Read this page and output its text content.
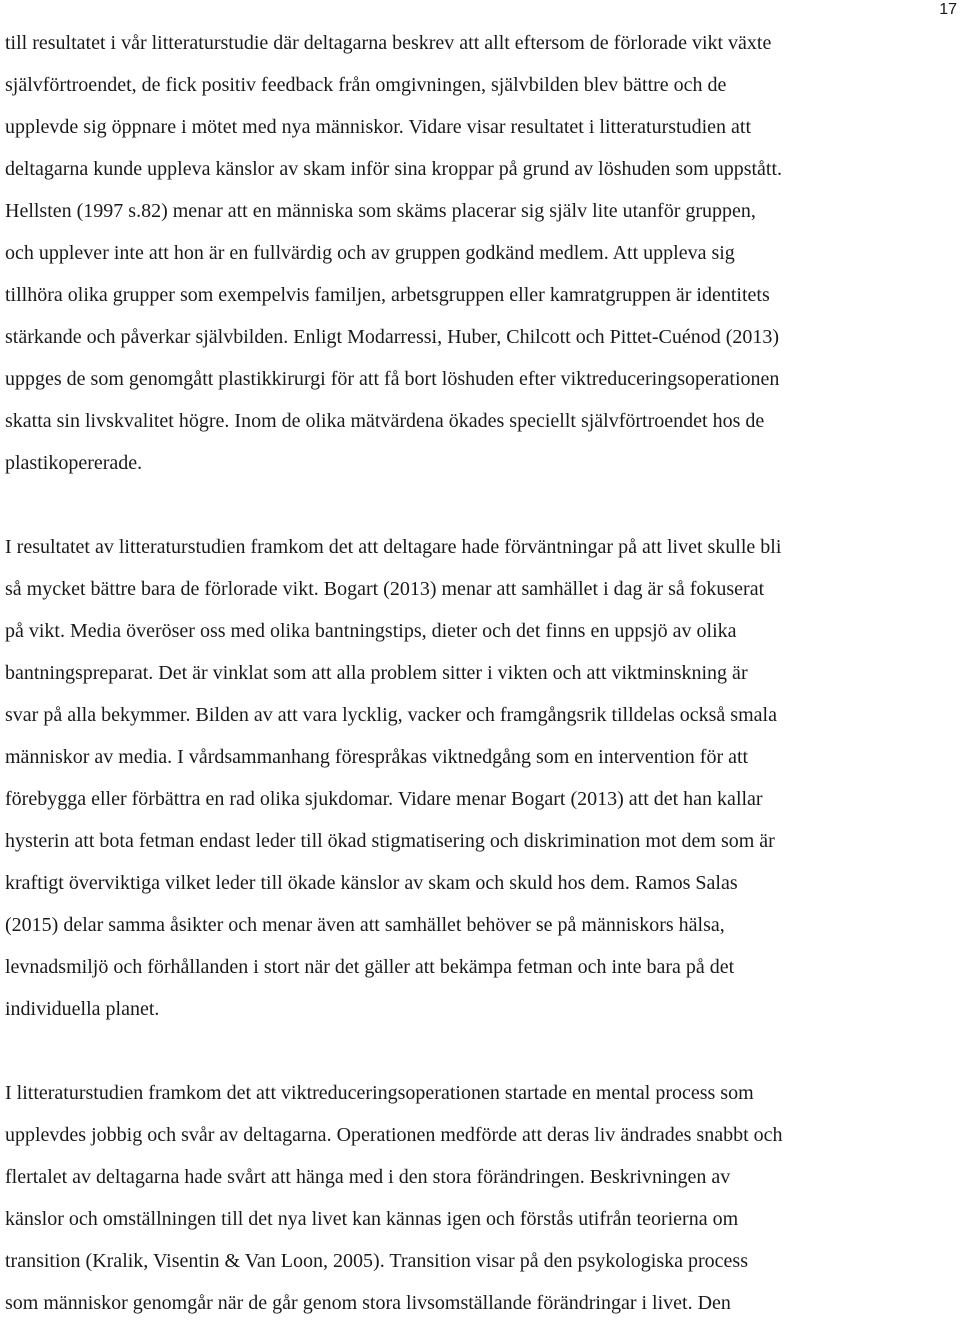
17
till resultatet i vår litteraturstudie där deltagarna beskrev att allt eftersom de förlorade vikt växte
självförtroendet, de fick positiv feedback från omgivningen, självbilden blev bättre och de
upplevde sig öppnare i mötet med nya människor. Vidare visar resultatet i litteraturstudien att
deltagarna kunde uppleva känslor av skam inför sina kroppar på grund av löshuden som uppstått.
Hellsten (1997 s.82) menar att en människa som skäms placerar sig själv lite utanför gruppen,
och upplever inte att hon är en fullvärdig och av gruppen godkänd medlem. Att uppleva sig
tillhöra olika grupper som exempelvis familjen, arbetsgruppen eller kamratgruppen är identitets
stärkande och påverkar självbilden. Enligt Modarressi, Huber, Chilcott och Pittet-Cuénod (2013)
uppges de som genomgått plastikkirurgi för att få bort löshuden efter viktreduceringsoperationen
skatta sin livskvalitet högre. Inom de olika mätvärdena ökades speciellt självförtroendet hos de
plastikopererade.
I resultatet av litteraturstudien framkom det att deltagare hade förväntningar på att livet skulle bli
så mycket bättre bara de förlorade vikt. Bogart (2013) menar att samhället i dag är så fokuserat
på vikt. Media överöser oss med olika bantningstips, dieter och det finns en uppsjö av olika
bantningspreparat. Det är vinklat som att alla problem sitter i vikten och att viktminskning är
svar på alla bekymmer. Bilden av att vara lycklig, vacker och framgångsrik tilldelas också smala
människor av media. I vårdsammanhang förespråkas viktnedgång som en intervention för att
förebygga eller förbättra en rad olika sjukdomar. Vidare menar Bogart (2013) att det han kallar
hysterin att bota fetman endast leder till ökad stigmatisering och diskrimination mot dem som är
kraftigt överviktiga vilket leder till ökade känslor av skam och skuld hos dem. Ramos Salas
(2015) delar samma åsikter och menar även att samhället behöver se på människors hälsa,
levnadsmiljö och förhållanden i stort när det gäller att bekämpa fetman och inte bara på det
individuella planet.
I litteraturstudien framkom det att viktreduceringsoperationen startade en mental process som
upplevdes jobbig och svår av deltagarna. Operationen medförde att deras liv ändrades snabbt och
flertalet av deltagarna hade svårt att hänga med i den stora förändringen. Beskrivningen av
känslor och omställningen till det nya livet kan kännas igen och förstås utifrån teorierna om
transition (Kralik, Visentin & Van Loon, 2005). Transition visar på den psykologiska process
som människor genomgår när de går genom stora livsomställande förändringar i livet. Den
